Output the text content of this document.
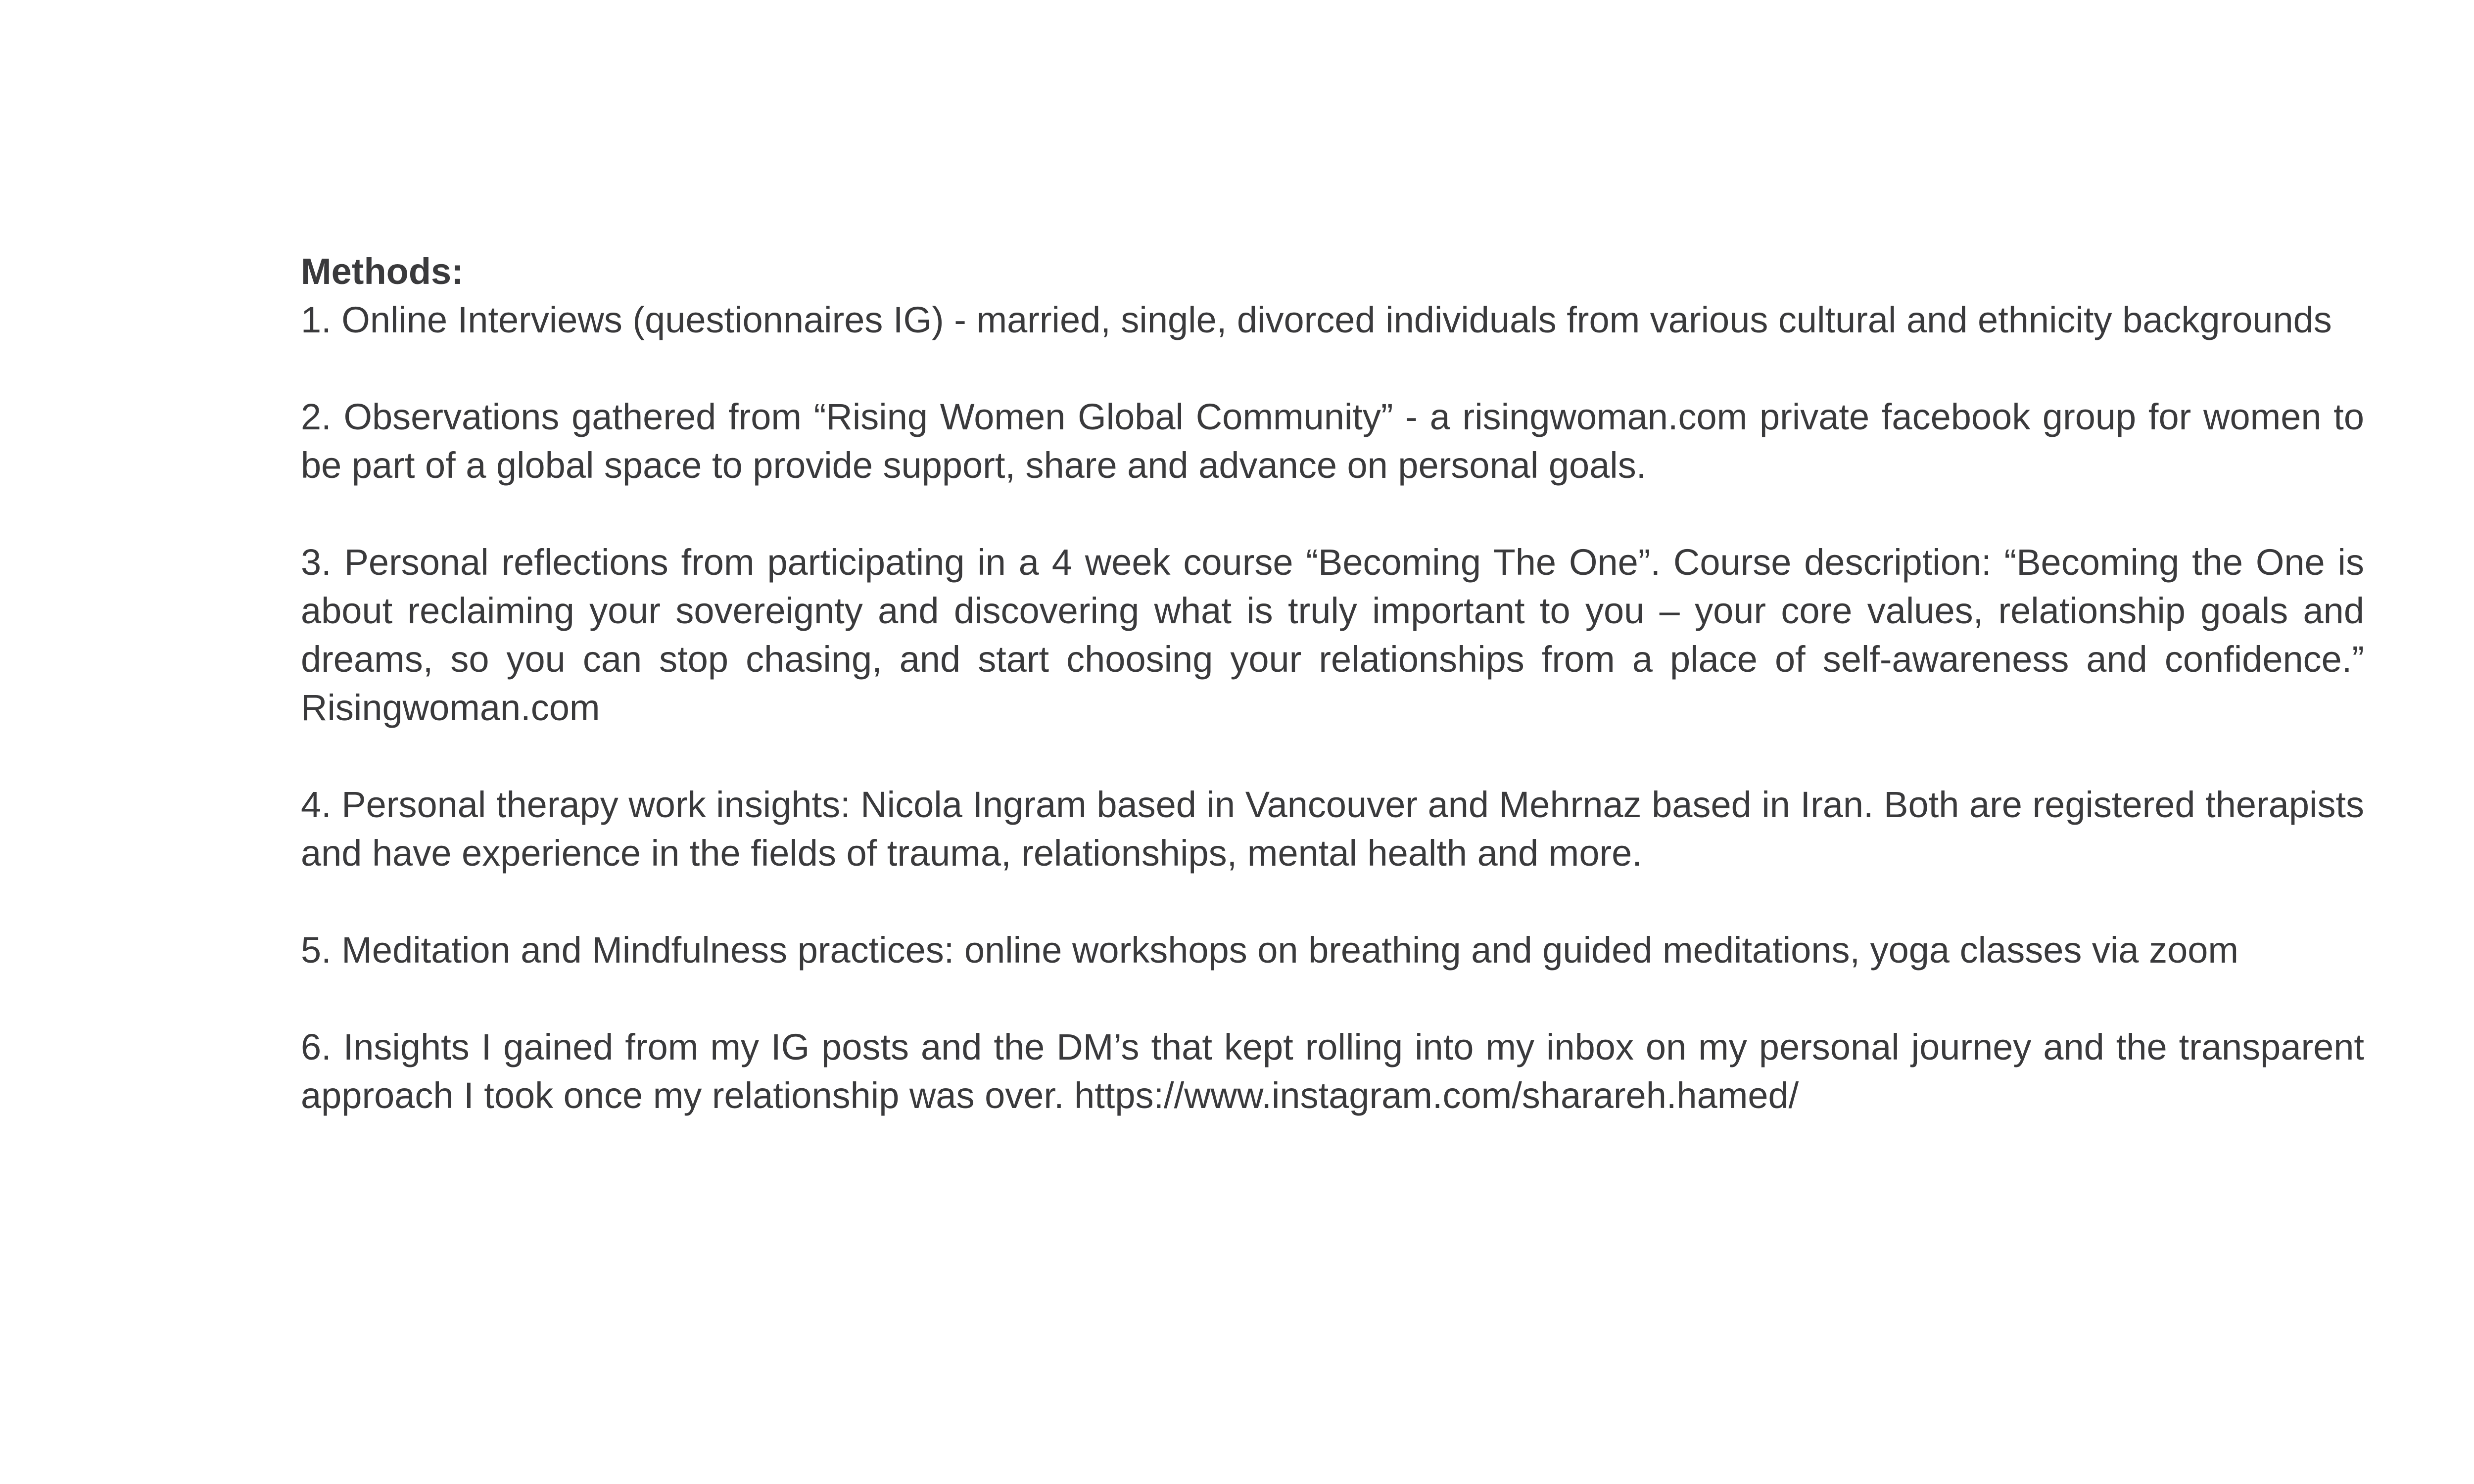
Methods:

1. Online Interviews (questionnaires IG) - married, single, divorced individuals from various cultural and ethnicity backgrounds

2. Observations gathered from “Rising Women Global Community” - a risingwoman.com private facebook group for women to be part of a global space to provide support, share and advance on personal goals.

3. Personal reflections from participating in a 4 week course “Becoming The One”. Course description: “Becoming the One is about reclaiming your sovereignty and discovering what is truly important to you – your core values, relationship goals and dreams, so you can stop chasing, and start choosing your relationships from a place of self-awareness and confidence.” Risingwoman.com

4. Personal therapy work insights: Nicola Ingram based in Vancouver and Mehrnaz based in Iran. Both are registered therapists and have experience in the fields of trauma, relationships, mental health and more.

5. Meditation and Mindfulness practices: online workshops on breathing and guided meditations, yoga classes via zoom

6. Insights I gained from my IG posts and the DM’s that kept rolling into my inbox on my personal journey and the transparent approach I took once my relationship was over. https://www.instagram.com/sharareh.hamed/
